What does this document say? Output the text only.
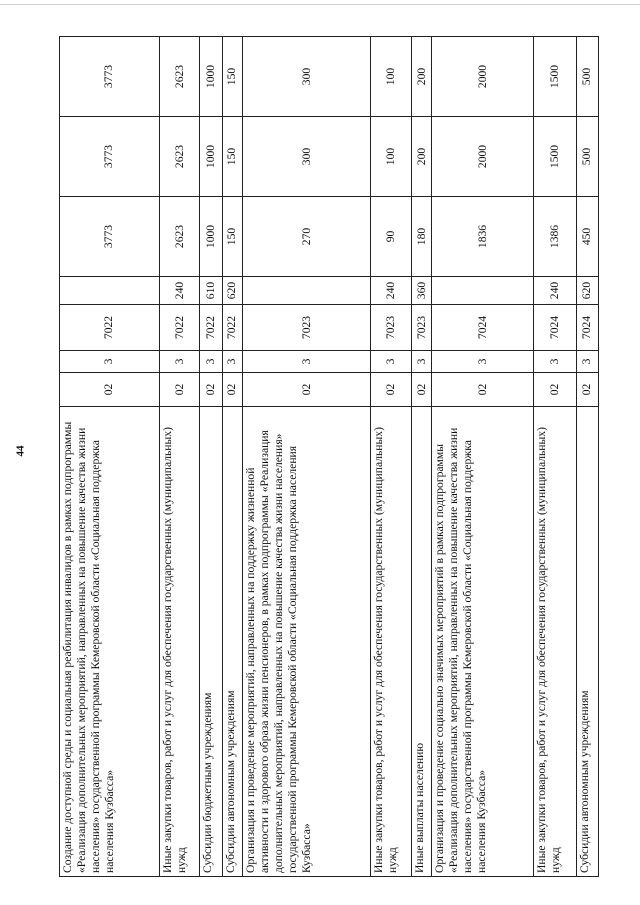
44	Создание доступной среды и социальная реабилитация инвалидов в рамках подпрограммы «Реализация дополнительных мероприятий, направленных на повышение качества жизни населения» государственной программы Кемеровской области «Социальная поддержка населения Кузбасса»	02	3	7022		3773	3773	3773
Иные закупки товаров, работ и услуг для обеспечения государственных (муниципальных) нужд	02	3	7022	240	2623	2623	2623
Субсидии бюджетным учреждениям	02	3	7022	610	1000	1000	1000
Субсидии автономным учреждениям	02	3	7022	620	150	150	150
Организация и проведение мероприятий, направленных на поддержку жизненной активности и здорового образа жизни пенсионеров, в рамках подпрограммы «Реализация дополнительных мероприятий, направленных на повышение качества жизни населения» государственной программы Кемеровской области «Социальная поддержка населения Кузбасса»	02	3	7023		270	300	300
Иные закупки товаров, работ и услуг для обеспечения государственных (муниципальных) нужд	02	3	7023	240	90	100	100
Иные выплаты населению	02	3	7023	360	180	200	200
Организация и проведение социально значимых мероприятий в рамках подпрограммы «Реализация дополнительных мероприятий, направленных на повышение качества жизни населения» государственной программы Кемеровской области «Социальная поддержка населения Кузбасса»	02	3	7024		1836	2000	2000
Иные закупки товаров, работ и услуг для обеспечения государственных (муниципальных) нужд	02	3	7024	240	1386	1500	1500
Субсидии автономным учреждениям	02	3	7024	620	450	500	500
